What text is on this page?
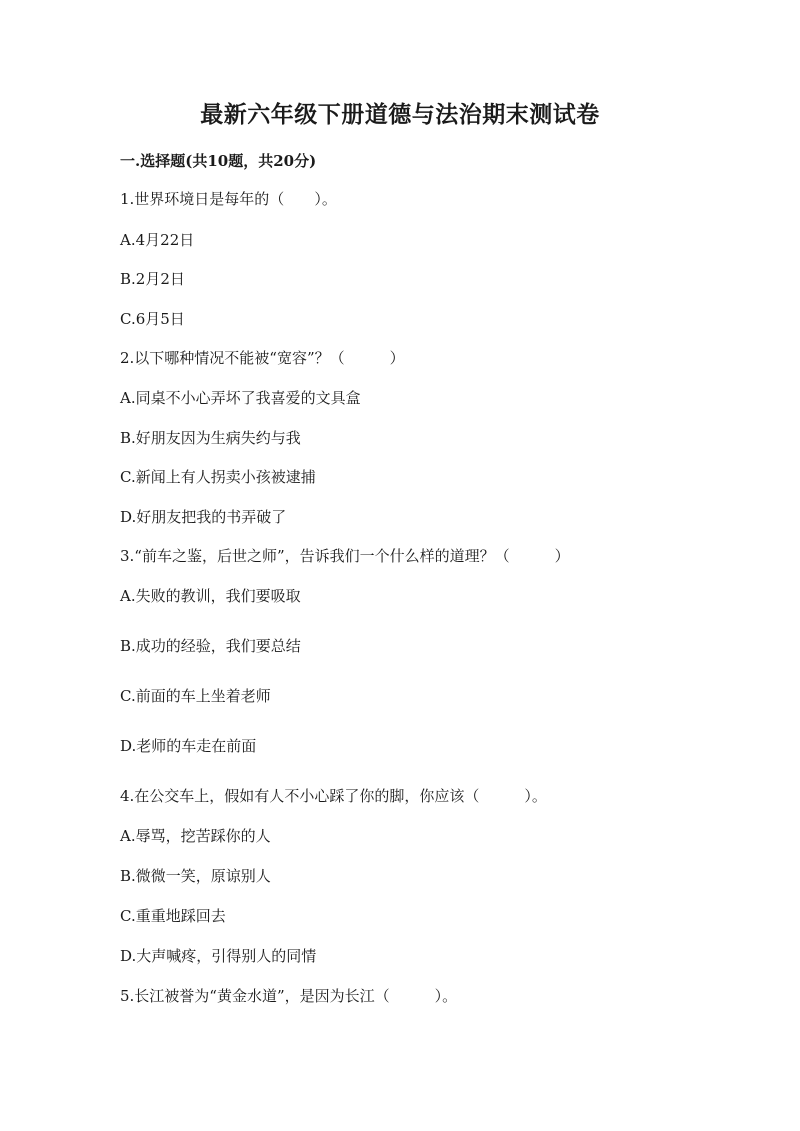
最新六年级下册道德与法治期末测试卷
一.选择题(共10题，共20分)
1.世界环境日是每年的（　　）。
A.4月22日
B.2月2日
C.6月5日
2.以下哪种情况不能被“宽容”？（　　　）
A.同桌不小心弄坏了我喜爱的文具盒
B.好朋友因为生病失约与我
C.新闻上有人拐卖小孩被逮捕
D.好朋友把我的书弄破了
3.“前车之鉴，后世之师”，告诉我们一个什么样的道理？（　　　）
A.失败的教训，我们要吸取
B.成功的经验，我们要总结
C.前面的车上坐着老师
D.老师的车走在前面
4.在公交车上，假如有人不小心踩了你的脚，你应该（　　　）。
A.辱骂，挖苦踩你的人
B.微微一笑，原谅别人
C.重重地踩回去
D.大声喊疼，引得别人的同情
5.长江被誉为“黄金水道”，是因为长江（　　　）。
